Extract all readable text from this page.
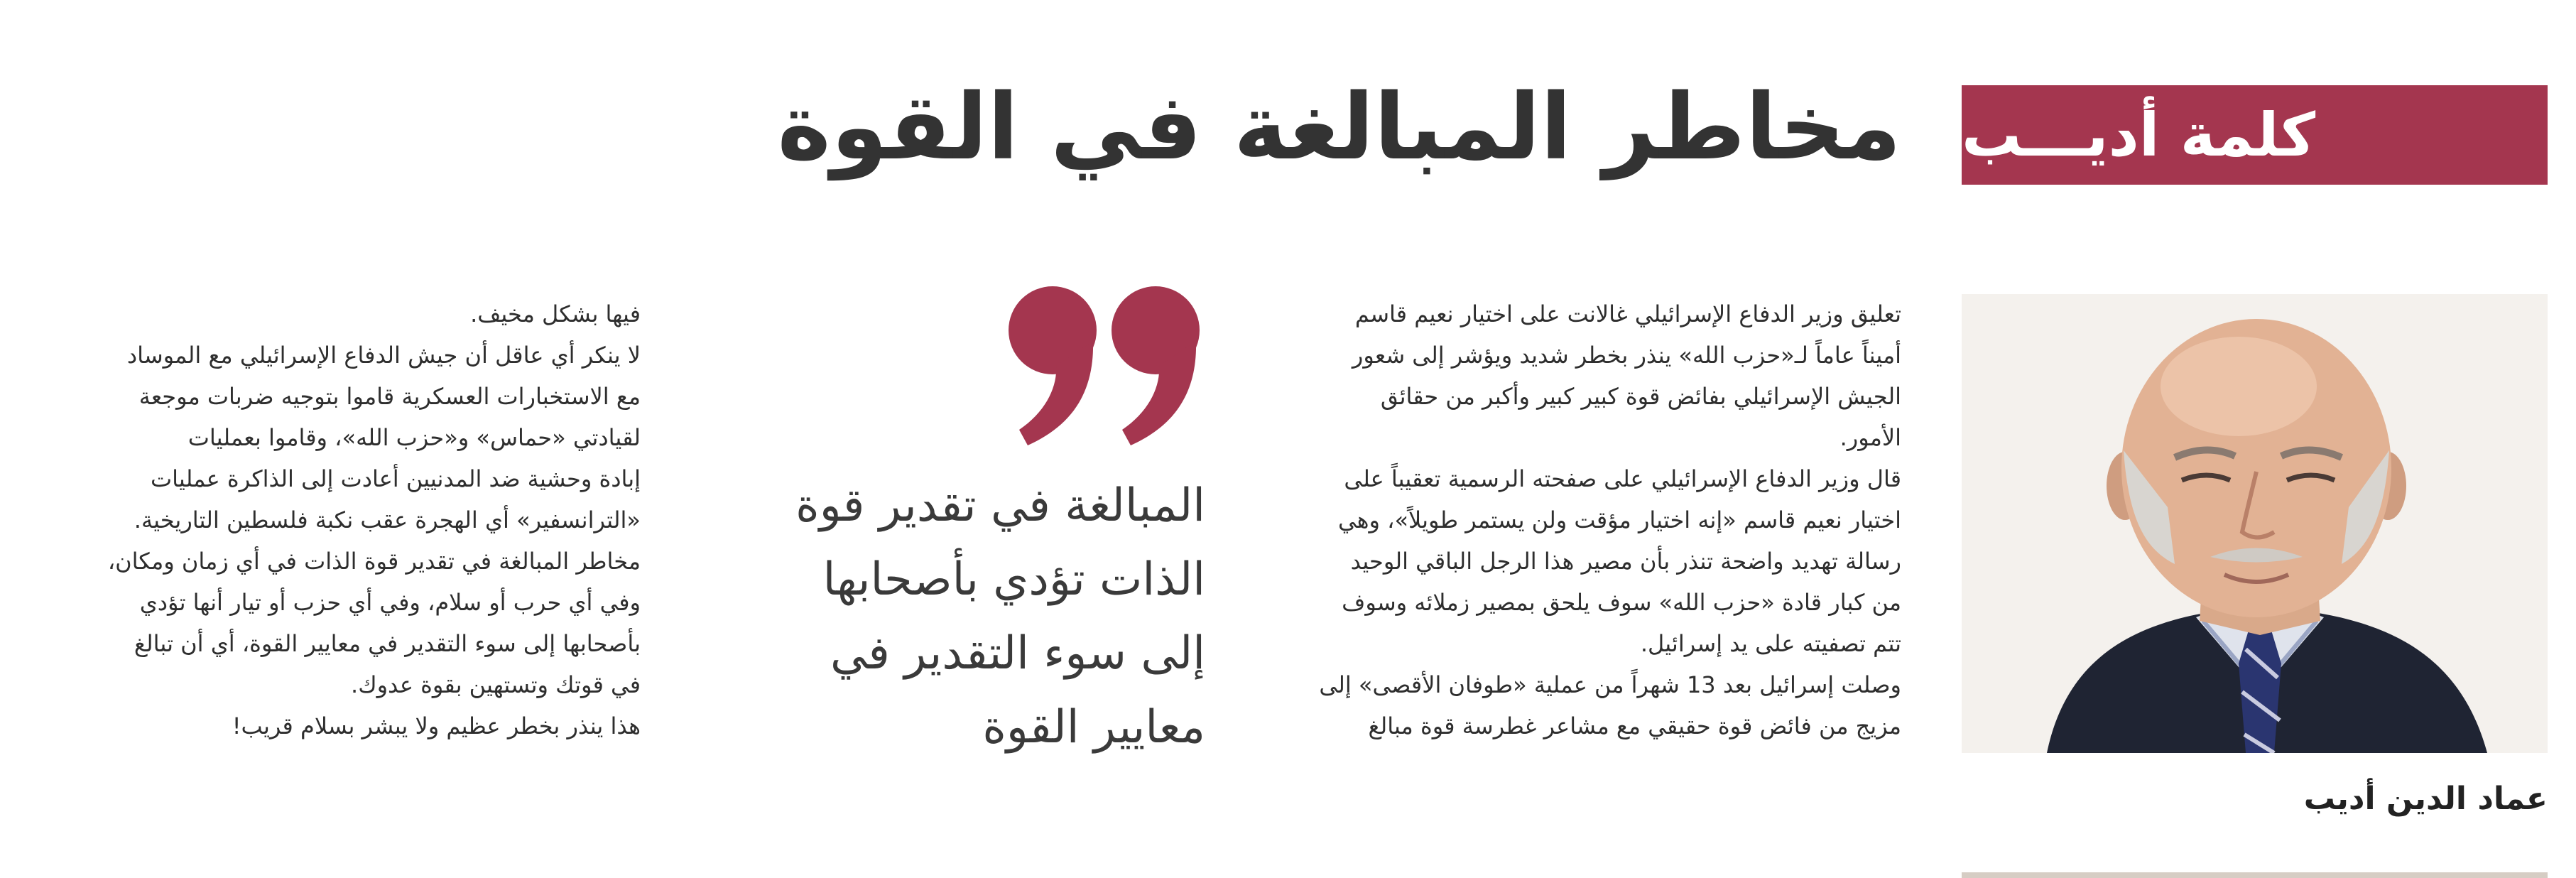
كلمة أديـــب
مخاطر المبالغة في القوة
عماد الدين أديب

تعليق وزير الدفاع الإسرائيلي غالانت على اختيار نعيم قاسم

أميناً عاماً لـ«حزب الله» ينذر بخطر شديد ويؤشر إلى شعور

الجيش الإسرائيلي بفائض قوة كبير كبير وأكبر من حقائق

الأمور.

قال وزير الدفاع الإسرائيلي على صفحته الرسمية تعقيباً على

اختيار نعيم قاسم «إنه اختيار مؤقت ولن يستمر طويلاً»، وهي

رسالة تهديد واضحة تنذر بأن مصير هذا الرجل الباقي الوحيد

من كبار قادة «حزب الله» سوف يلحق بمصير زملائه وسوف

تتم تصفيته على يد إسرائيل.

وصلت إسرائيل بعد 13 شهراً من عملية «طوفان الأقصى» إلى

مزيج من فائض قوة حقيقي مع مشاعر غطرسة قوة مبالغ

المبالغة في تقدير قوة
الذات تؤدي بأصحابها
إلى سوء التقدير في
معايير القوة

فيها بشكل مخيف.

لا ينكر أي عاقل أن جيش الدفاع الإسرائيلي مع الموساد

مع الاستخبارات العسكرية قاموا بتوجيه ضربات موجعة

لقيادتي «حماس» و«حزب الله»، وقاموا بعمليات

إبادة وحشية ضد المدنيين أعادت إلى الذاكرة عمليات

«الترانسفير» أي الهجرة عقب نكبة فلسطين التاريخية.

مخاطر المبالغة في تقدير قوة الذات في أي زمان ومكان،

وفي أي حرب أو سلام، وفي أي حزب أو تيار أنها تؤدي

بأصحابها إلى سوء التقدير في معايير القوة، أي أن تبالغ

في قوتك وتستهين بقوة عدوك.

هذا ينذر بخطر عظيم ولا يبشر بسلام قريب!
